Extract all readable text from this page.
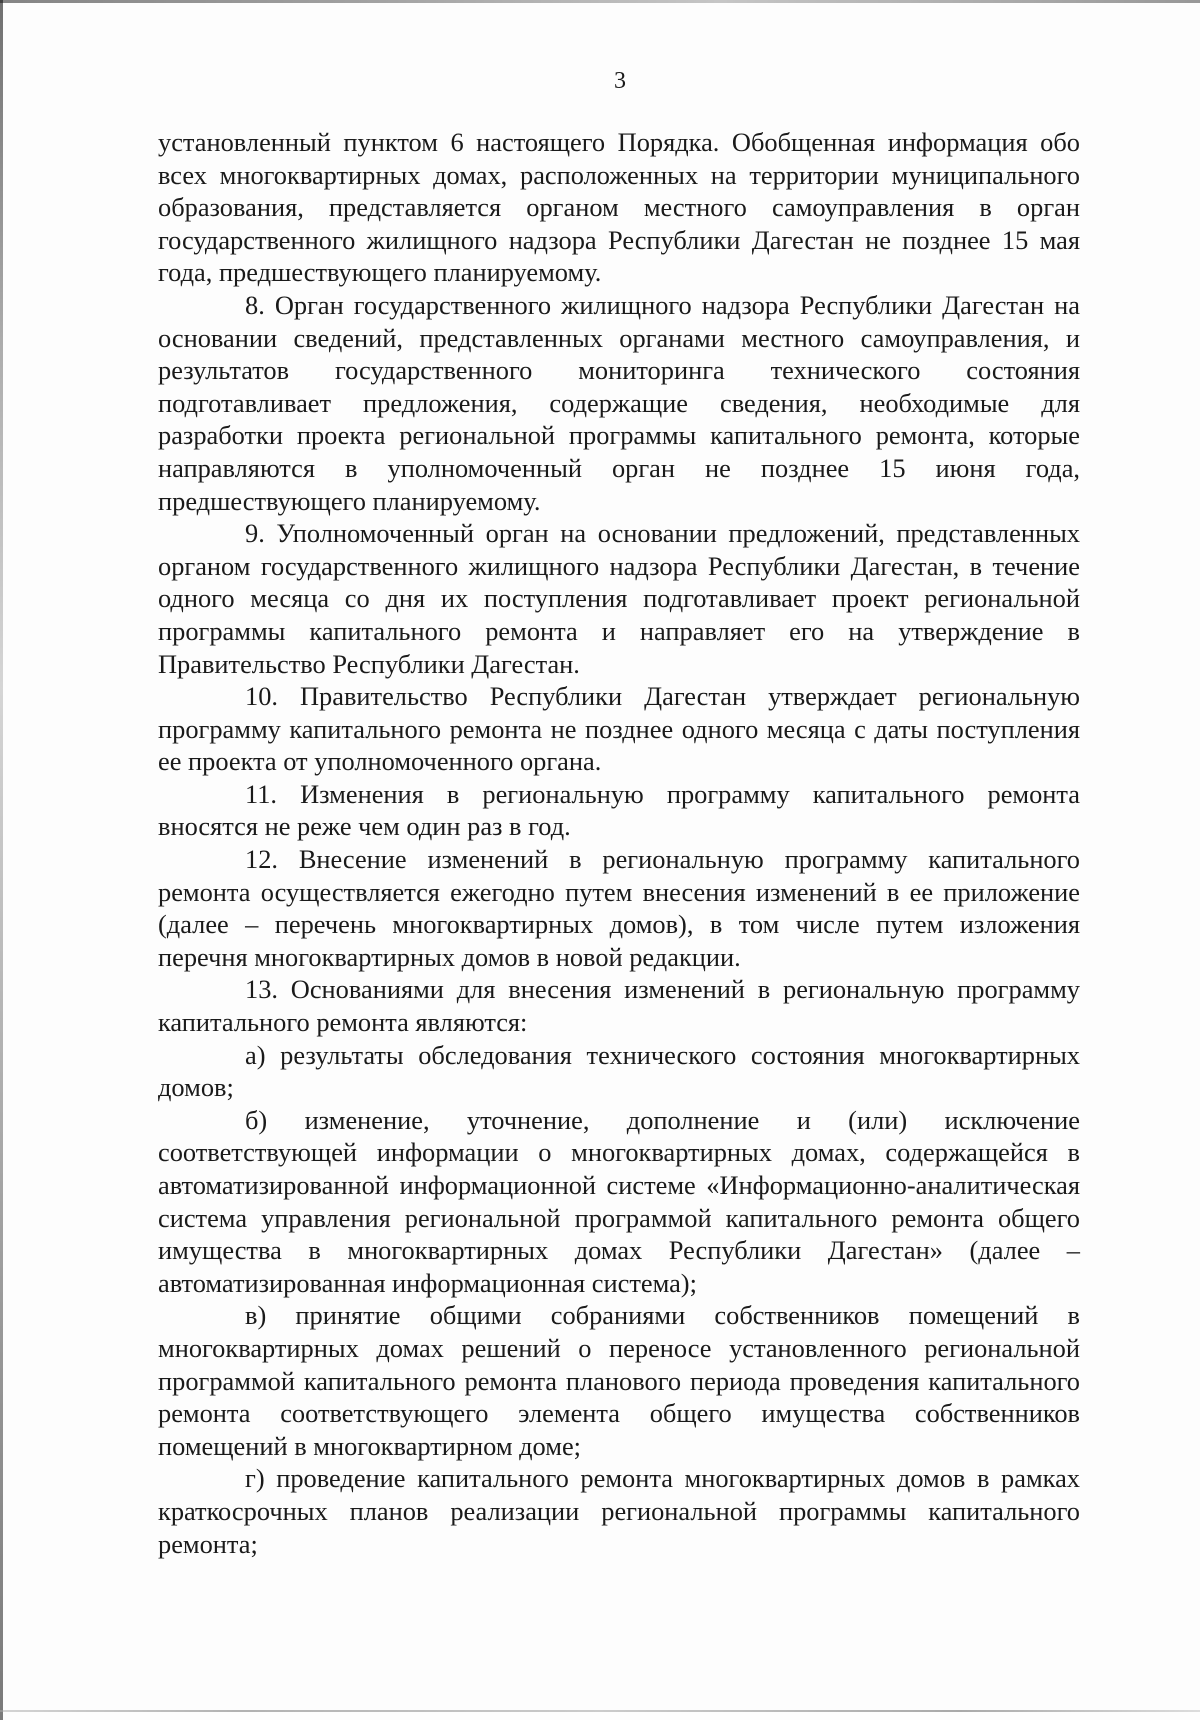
3

установленный пунктом 6 настоящего Порядка. Обобщенная информация обо всех многоквартирных домах, расположенных на территории муниципального образования, представляется органом местного самоуправления в орган государственного жилищного надзора Республики Дагестан не позднее 15 мая года, предшествующего планируемому.

8. Орган государственного жилищного надзора Республики Дагестан на основании сведений, представленных органами местного самоуправления, и результатов государственного мониторинга технического состояния подготавливает предложения, содержащие сведения, необходимые для разработки проекта региональной программы капитального ремонта, которые направляются в уполномоченный орган не позднее 15 июня года, предшествующего планируемому.

9. Уполномоченный орган на основании предложений, представленных органом государственного жилищного надзора Республики Дагестан, в течение одного месяца со дня их поступления подготавливает проект региональной программы капитального ремонта и направляет его на утверждение в Правительство Республики Дагестан.

10. Правительство Республики Дагестан утверждает региональную программу капитального ремонта не позднее одного месяца с даты поступления ее проекта от уполномоченного органа.

11. Изменения в региональную программу капитального ремонта вносятся не реже чем один раз в год.

12. Внесение изменений в региональную программу капитального ремонта осуществляется ежегодно путем внесения изменений в ее приложение (далее – перечень многоквартирных домов), в том числе путем изложения перечня многоквартирных домов в новой редакции.

13. Основаниями для внесения изменений в региональную программу капитального ремонта являются:

а) результаты обследования технического состояния многоквартирных домов;

б) изменение, уточнение, дополнение и (или) исключение соответствующей информации о многоквартирных домах, содержащейся в автоматизированной информационной системе «Информационно-аналитическая система управления региональной программой капитального ремонта общего имущества в многоквартирных домах Республики Дагестан» (далее – автоматизированная информационная система);

в) принятие общими собраниями собственников помещений в многоквартирных домах решений о переносе установленного региональной программой капитального ремонта планового периода проведения капитального ремонта соответствующего элемента общего имущества собственников помещений в многоквартирном доме;

г) проведение капитального ремонта многоквартирных домов в рамках краткосрочных планов реализации региональной программы капитального ремонта;
